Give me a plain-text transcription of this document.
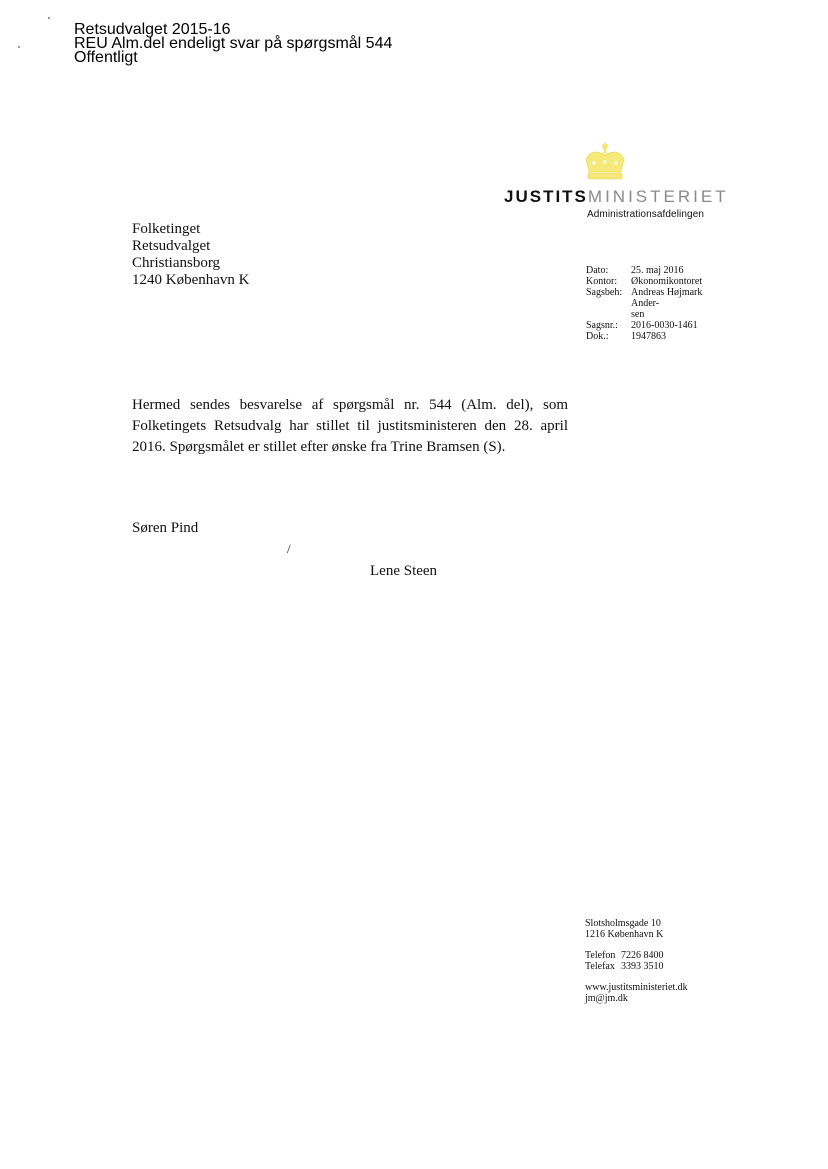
Retsudvalget 2015-16
REU Alm.del endeligt svar på spørgsmål 544
Offentligt
JUSTITSMINISTERIET
Administrationsafdelingen
Folketinget
Retsudvalget
Christiansborg
1240 København K
Dato:	25. maj 2016
Kontor:	Økonomikontoret
Sagsbeh: Andreas Højmark Ander-
sen
Sagsnr.:	2016-0030-1461
Dok.:	1947863
Hermed sendes besvarelse af spørgsmål nr. 544 (Alm. del), som Folketingets Retsudvalg har stillet til justitsministeren den 28. april 2016. Spørgsmålet er stillet efter ønske fra Trine Bramsen (S).
Søren Pind
/
Lene Steen
Slotsholmsgade 10
1216 København K
Telefon 7226 8400
Telefax 3393 3510
www.justitsministeriet.dk
jm@jm.dk
